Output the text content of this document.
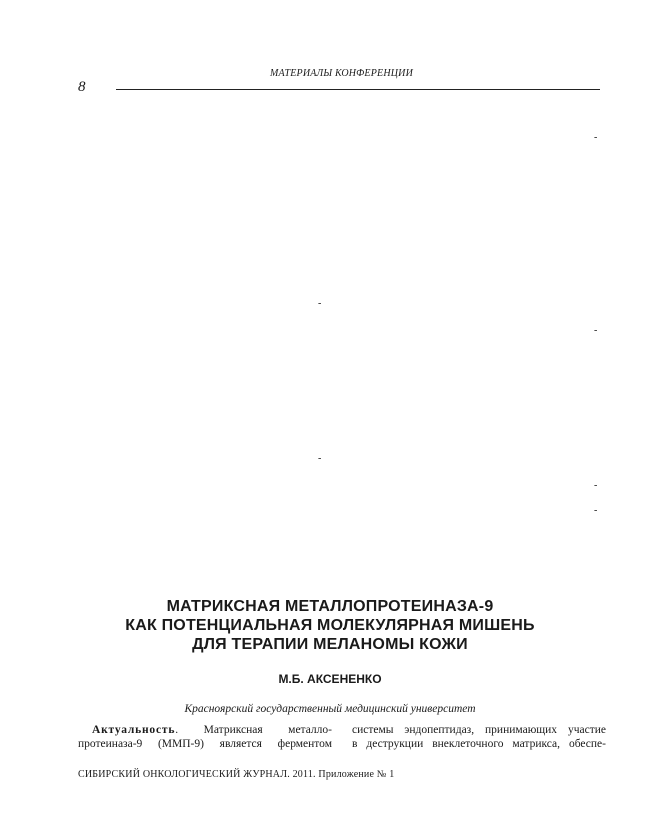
МАТЕРИАЛЫ КОНФЕРЕНЦИИ
8
-
-
-
-
-
-
МАТРИКСНАЯ МЕТАЛЛОПРОТЕИНАЗА-9
КАК ПОТЕНЦИАЛЬНАЯ МОЛЕКУЛЯРНАЯ МИШЕНЬ
ДЛЯ ТЕРАПИИ МЕЛАНОМЫ КОЖИ
М.Б. АКСЕНЕНКО
Красноярский государственный медицинский университет
Актуальность. Матриксная металло-
протеиназа-9 (ММП-9) является ферментом
системы эндопептидаз, принимающих участие
в деструкции внеклеточного матрикса, обеспе-
СИБИРСКИЙ ОНКОЛОГИЧЕСКИЙ ЖУРНАЛ. 2011. Приложение № 1
